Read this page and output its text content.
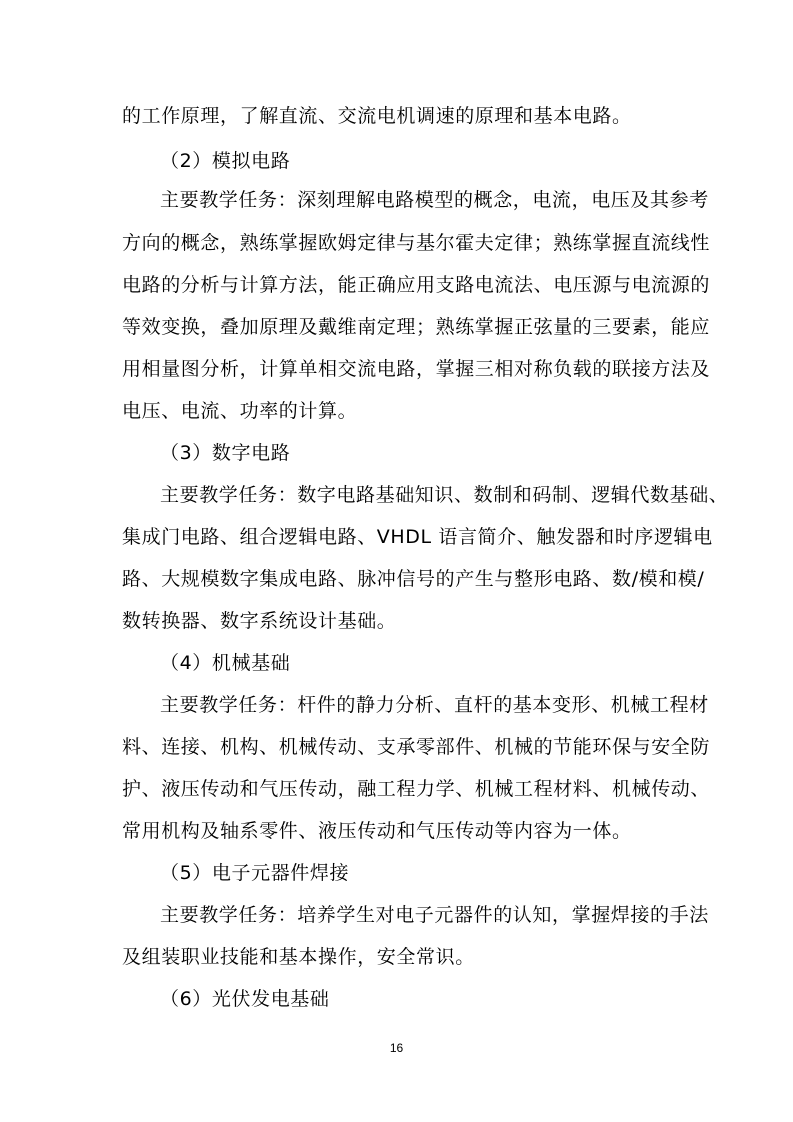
的工作原理，了解直流、交流电机调速的原理和基本电路。
（2）模拟电路
主要教学任务：深刻理解电路模型的概念，电流，电压及其参考
方向的概念，熟练掌握欧姆定律与基尔霍夫定律；熟练掌握直流线性
电路的分析与计算方法，能正确应用支路电流法、电压源与电流源的
等效变换，叠加原理及戴维南定理；熟练掌握正弦量的三要素，能应
用相量图分析，计算单相交流电路，掌握三相对称负载的联接方法及
电压、电流、功率的计算。
（3）数字电路
主要教学任务：数字电路基础知识、数制和码制、逻辑代数基础、
集成门电路、组合逻辑电路、VHDL 语言简介、触发器和时序逻辑电
路、大规模数字集成电路、脉冲信号的产生与整形电路、数/模和模/
数转换器、数字系统设计基础。
（4）机械基础
主要教学任务：杆件的静力分析、直杆的基本变形、机械工程材
料、连接、机构、机械传动、支承零部件、机械的节能环保与安全防
护、液压传动和气压传动，融工程力学、机械工程材料、机械传动、
常用机构及轴系零件、液压传动和气压传动等内容为一体。
（5）电子元器件焊接
主要教学任务：培养学生对电子元器件的认知，掌握焊接的手法
及组装职业技能和基本操作，安全常识。
（6）光伏发电基础
16
